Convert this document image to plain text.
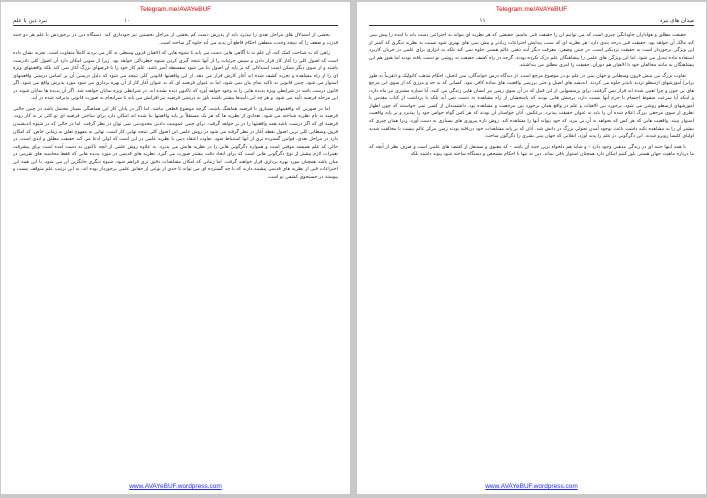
Telegram.me/AVAYeBUF
نبرد دین با علم	۱۰

بخشی از استدلال های مراحل بعدی را نپذیرد باید از پذیرش دست کم بخشی از مراحل نخستین نیز خودداری کند. دستگاه دین در برخوردش با علم هر دو جنبه قدرت و ضعف را که نتیجه وحدت منطقی احکام قاطع آن پدید می آید جلوه گر ساخته است.

راهی که به شناخت کمک کند، آن علم نه تا آگاهی هایی دست می یابد تا شیوه هایی که الاهیان قرون وسطی به کار می بردند کاملاً متفاوت است. تجربه نشان داده است که اصول کلی را آغاز کار قرار دادن و سپس جزئیات را از آنها نتیجه گیری کردن شیوه خطرناکی خواهد بود. زیرا از سویی امکان دارد آن اصول کلی نادرست باشند و از سوی دیگر ممکن است استدلالی که بر پایه آن اصول بنا می شود سفسطه آمیز باشد. علم کار خود را با فرضهای بزرگ آغاز نمی کند بلکه واقعیتهای ویژه ای را از راه مشاهده و تجربه کشف شده اند آغاز کارش قرار می دهد. از این واقعیتها قانونی کلی نتیجه می شود که دلیل درستی آن بر اساس درستی واقعیتهای استوار می شود. چنین قانونی نه تاکید تمام بیان نمی شود، اما به عنوان فرضیه ای که به عنوان آغاز کار از آن بهره برداری می شود مورد پذیرش واقع می شود. اگر قانون درست باشد در شرایطی ویژه پدیده هایی را به وجود خواهد آورد که تاکنون دیده نشده اند. در شرایطی ویژه نمایان خواهند شد. اگر آن پدیده ها نمایان شوند در این مرحله فرضیه تأیید می شود. و هر چه این تأییدها بیشتر باشند باور به درستی فرضیه نیز افزایش می یابد تا سرانجام به صورت قانونی پذیرفته شده در آید.

اما در صورتی که واقعیتهای بسیاری با فرضیه هماهنگ باشند، گرچه موضوع قطعی نباشد، اما اگر در پایان کار این هماهنگی بسیار محتمل باشد در چنین حالتی فرضیه به نام نظریه شناخته می شود. تعدادی از نظریه ها که هر یک مستقلاً بر پایه واقعیتها بنا شده اند امکان دارد برای ساختن فرضیه ای نو کلی تر به کار روند. فرضیه ای که اگر درست باشد همه واقعیتها را در بر خواهد گرفت. برای چنین عمومیت دادنی محدودیتی نمی توان در نظر گرفت. اما در حالی که در شیوه اندیشیدن قرون وسطایی کلی ترین اصول نقطه آغاز در نظر گرفته می شود در روش علمی این اصول کلی نتیجه نهایی کار است. نهایی به مفهوم تعلق به زمانی خاص. که امکان دارد در مراحل بعدی، قوانین گسترده تری از آنها استنباط شود. تفاوت اعتقاد دینی با نظریه علمی در این است که اولی ادعا می کند حقیقت مطلق و ابدی است، در حالی که علم همیشه موقتی است و همواره دگرگونی هایی را در نظریه هایش می پذیرد. به علاوه روش علمی از آنچه تاکنون به دست آمده است برای پیشرفت تغییرات لازم بیشتر از نوع دگرگونی هایی است که برای ایجاد دقت بیشتر صورت می گیرد. نظریه های قدیمی در مورد پدیده هایی که فقط محاسبه های تقریبی در میان باشد همچنان مورد بهره برداری قرار خواهند گرفت. اما زمانی که امکان مشاهدات دقیق تری فراهم شود، شیوه دیگری جایگزین آن می شود. با این همه این اختراعات فنی از نظریه های قدیمی پیشینه دارند که با چه گسترده ای می تواند تا حدی از نوعی از حقایق علمی برخوردار بوده اند، به این ترتیب علم متوقف نیست و پیوسته در جستجوی کشفی نو است.

www.AVAYeBUF.wordpress.com
Telegram.me/AVAYeBUF
میدان های نبرد
۱۱

حقیقت مطلق و هواداران جاودانگی چیزی است که می توانیم آن را حقیقت فنی بنامیم. حقیقتی که هر نظریه ای نتواند به اختراعی دست یابد یا آینده را پیش بینی کند مالک آن خواهد بود. حقیقت فنی درجه بندی دارد: هر نظریه ای که سبب پیدایش اختراعات زیادتر و پیش بینی های بهتری شود نسبت به نظریه دیگری که کمتر از این ویژگی برخوردار است به حقیقت نزدیکتر است. در چنین وضعی، معرفت دیگر آینه ذهنی عالم هستی جلوه نمی کند بلکه به ابزاری برای علمی در جریان کاربرد استفاده ماده تبدیل می شود. اما این ویژگی های علمی را پیشاهنگان علم درک نکرده بودند. گرچه در راه کشف حقیقت به روشی نو دست یافته بودند اما هنوز هم این پیشاهنگان به مانند مخالفان خود با الاهیان هم دوران، حقیقت را امری مطلق می پنداشتند.

تفاوت بزرگ بین بینش قرون وسطایی و جهان بینی در علم نو در موضوع مرجع است. از دیدگاه درس خواندگان، متن انجیل، احکام مذهب کاتولیک و (تقریباً به طور برابر) آموزشهای ارسطو تردید ناپذیر جلوه می کردند. اندیشه های اصیل و حتی بررسی واقعیت های ساده کافی نبود. کسانی که به حد و مرزی که از سوی این مرجع های بی چون و چرا تعیین شده اند قرار نمی گرفتند، برای پرسشهایی از این قبیل که در آن سوی زمین نیز انسان هایی زندگی می کنند، آیا سیاره مشتری نیز ماه دارد، و اینکه آیا سرعت سقوط اجسام با جرم آنها نسبت دارد، پرسش هایی بودند که پاسخشان از راه مشاهده به دست نمی آید بلکه با برداشت از کتاب مقدس یا آموزشهای ارسطو روشن می شود. برخورد بین الاهیات و علم در واقع همان برخورد بین مرجعیت و مشاهده بود. دانشمندان از کسی نمی خواستند که چون اظهار نظری از سوی مرجعی بزرگ اعلام شده آن را باید به عنوان حقیقت بپذیرد. برعکس، آنان خواستار آن بودند که هر کس گواه حواس خود را بپذیرد و بر پایه واقعیت استوار ببیند. واقعیت هایی که هر کس که بخواهد به آن پی ببرد، که خود بتواند آنها را مشاهده کند. روش تازه پیروزی های بسیاری به دست آورد. زیرا همان چیزی که بیشتر آن را به مشاهده تکیه داشت باعث بوجود آمدن تحولی بزرگ در دانش شد. آنان که بر پایه مشاهدات خود دریافته بودند زمین مرکز عالم نیست با مخالفت شدید اولیای کلیسا روبرو شدند. این دگرگونی در علم را پدید آورد، انقلابی که جهان بینی بشری را دگرگون ساخت.

با همه اینها جنبه ای در زندگی مذهبی وجود دارد – و شاید هم دلخواه ترین جنبه آن باشد – که معنوی و مستقل از کشف های علمی است و صرف نظر از آنچه که ما درباره ماهیت جهان هستی باور کنیم امکان دارد همچنان استوار باقی بماند. دین نه تنها با احکام مشخص و دستگاه ساخته شود پیوند داشته بلکه

www.AVAYeBUF.wordpress.com
